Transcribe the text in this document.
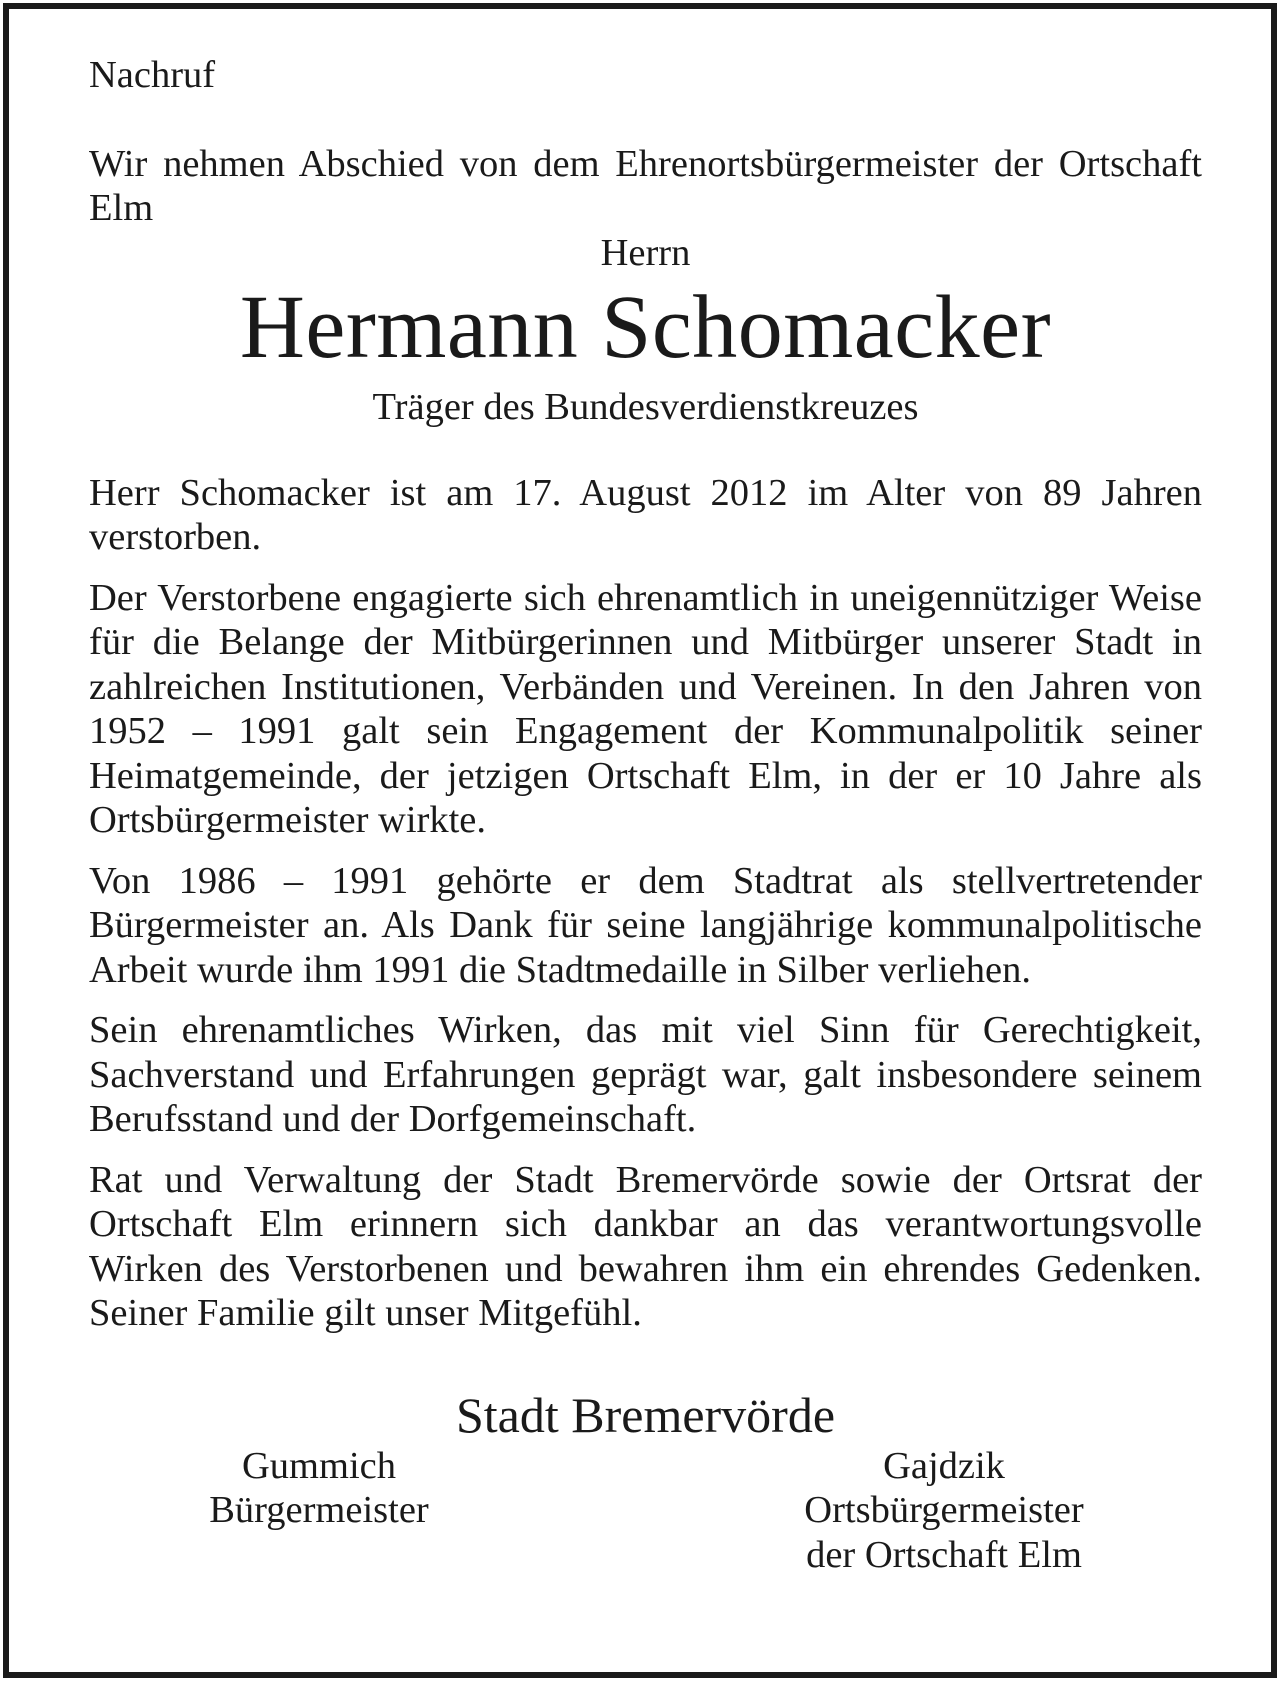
Nachruf

Wir nehmen Abschied von dem Ehrenortsbürgermeister der Ortschaft Elm

Herrn

Hermann Schomacker

Träger des Bundesverdienstkreuzes

Herr Schomacker ist am 17. August 2012 im Alter von 89 Jahren verstorben.

Der Verstorbene engagierte sich ehrenamtlich in uneigennütziger Weise für die Belange der Mitbürgerinnen und Mitbürger unserer Stadt in zahlreichen Institutionen, Verbänden und Vereinen. In den Jahren von 1952 – 1991 galt sein Engagement der Kommunalpolitik seiner Heimatgemeinde, der jetzigen Ortschaft Elm, in der er 10 Jahre als Ortsbürgermeister wirkte.

Von 1986 – 1991 gehörte er dem Stadtrat als stellvertretender Bürgermeister an. Als Dank für seine langjährige kommunalpolitische Arbeit wurde ihm 1991 die Stadtmedaille in Silber verliehen.

Sein ehrenamtliches Wirken, das mit viel Sinn für Gerechtigkeit, Sachverstand und Erfahrungen geprägt war, galt insbesondere seinem Berufsstand und der Dorfgemeinschaft.

Rat und Verwaltung der Stadt Bremervörde sowie der Ortsrat der Ortschaft Elm erinnern sich dankbar an das verantwortungsvolle Wirken des Verstorbenen und bewahren ihm ein ehrendes Gedenken. Seiner Familie gilt unser Mitgefühl.

Stadt Bremervörde

Gummich
Bürgermeister
Gajdzik
Ortsbürgermeister
der Ortschaft Elm
